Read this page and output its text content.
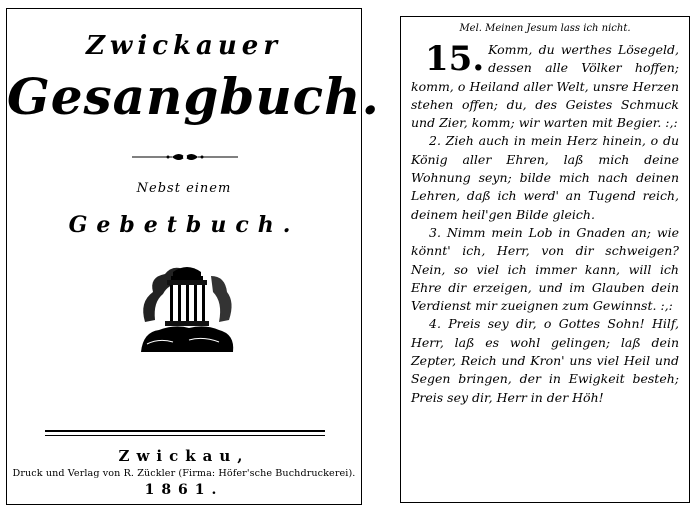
Zwickauer
Gesangbuch.
Nebst einem
Gebetbuch.
Zwickau,
Druck und Verlag von R. Zückler (Firma: Höfer'sche Buchdruckerei).
1861.
Mel. Meinen Jesum lass ich nicht.
15. Komm, du werthes Lösegeld, dessen alle Völker hoffen; komm, o Heiland aller Welt, unsre Herzen stehen offen; du, des Geistes Schmuck und Zier, komm; wir warten mit Begier. :,:

2. Zieh auch in mein Herz hinein, o du König aller Ehren, laß mich deine Wohnung seyn; bilde mich nach deinen Lehren, daß ich werd' an Tugend reich, deinem heil'gen Bilde gleich.

3. Nimm mein Lob in Gnaden an; wie könnt' ich, Herr, von dir schweigen? Nein, so viel ich immer kann, will ich Ehre dir erzeigen, und im Glauben dein Verdienst mir zueignen zum Gewinnst. :,:

4. Preis sey dir, o Gottes Sohn! Hilf, Herr, laß es wohl gelingen; laß dein Zepter, Reich und Kron' uns viel Heil und Segen bringen, der in Ewigkeit besteh; Preis sey dir, Herr in der Höh!
